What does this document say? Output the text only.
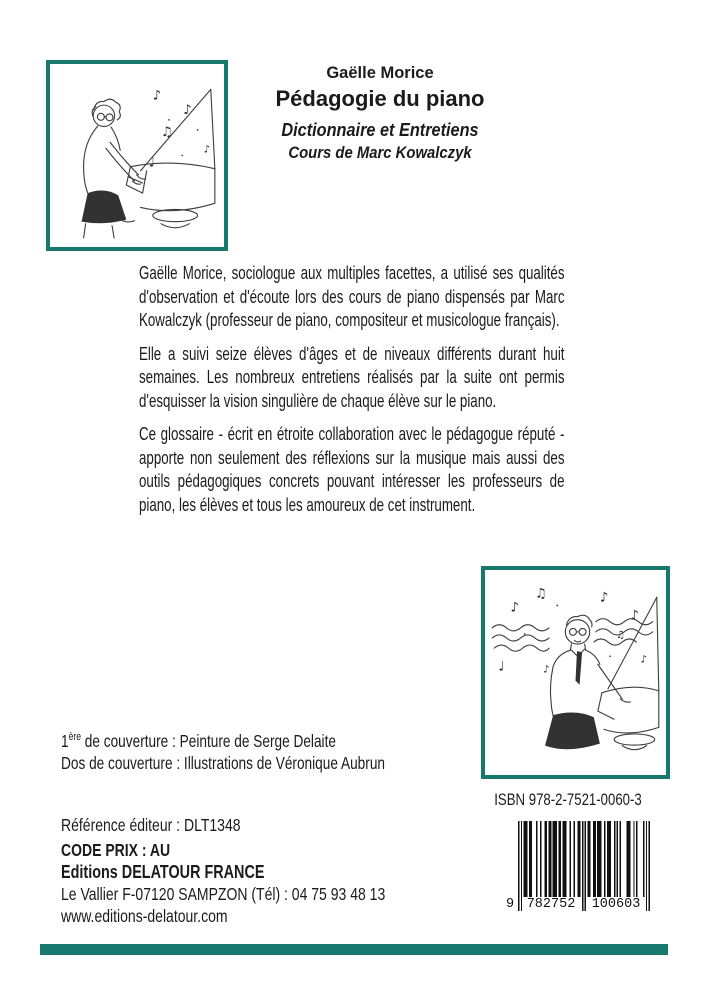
♪
♪
♫
♩
♪
Gaëlle Morice
Pédagogie du piano
Dictionnaire et Entretiens
Cours de Marc Kowalczyk

Gaëlle Morice, sociologue aux multiples facettes, a utilisé ses qualités d'observation et d'écoute lors des cours de piano dispensés par Marc Kowalczyk (professeur de piano, compositeur et musicologue français).

Elle a suivi seize élèves d'âges et de niveaux différents durant huit semaines. Les nombreux entretiens réalisés par la suite ont permis d'esquisser la vision singulière de chaque élève sur le piano.

Ce glossaire - écrit en étroite collaboration avec le pédagogue réputé - apporte non seulement des réflexions sur la musique mais aussi des outils pédagogiques concrets pouvant intéresser les professeurs de piano, les élèves et tous les amoureux de cet instrument.

♫
♪
♪
♪
♩	♪
♫
♪
1ère de couverture : Peinture de Serge Delaite
Dos de couverture : Illustrations de Véronique Aubrun
ISBN 978-2-7521-0060-3
9 782752 100603
Référence éditeur : DLT1348
CODE PRIX : AU
Editions DELATOUR FRANCE
Le Vallier F-07120 SAMPZON (Tél) : 04 75 93 48 13
www.editions-delatour.com
